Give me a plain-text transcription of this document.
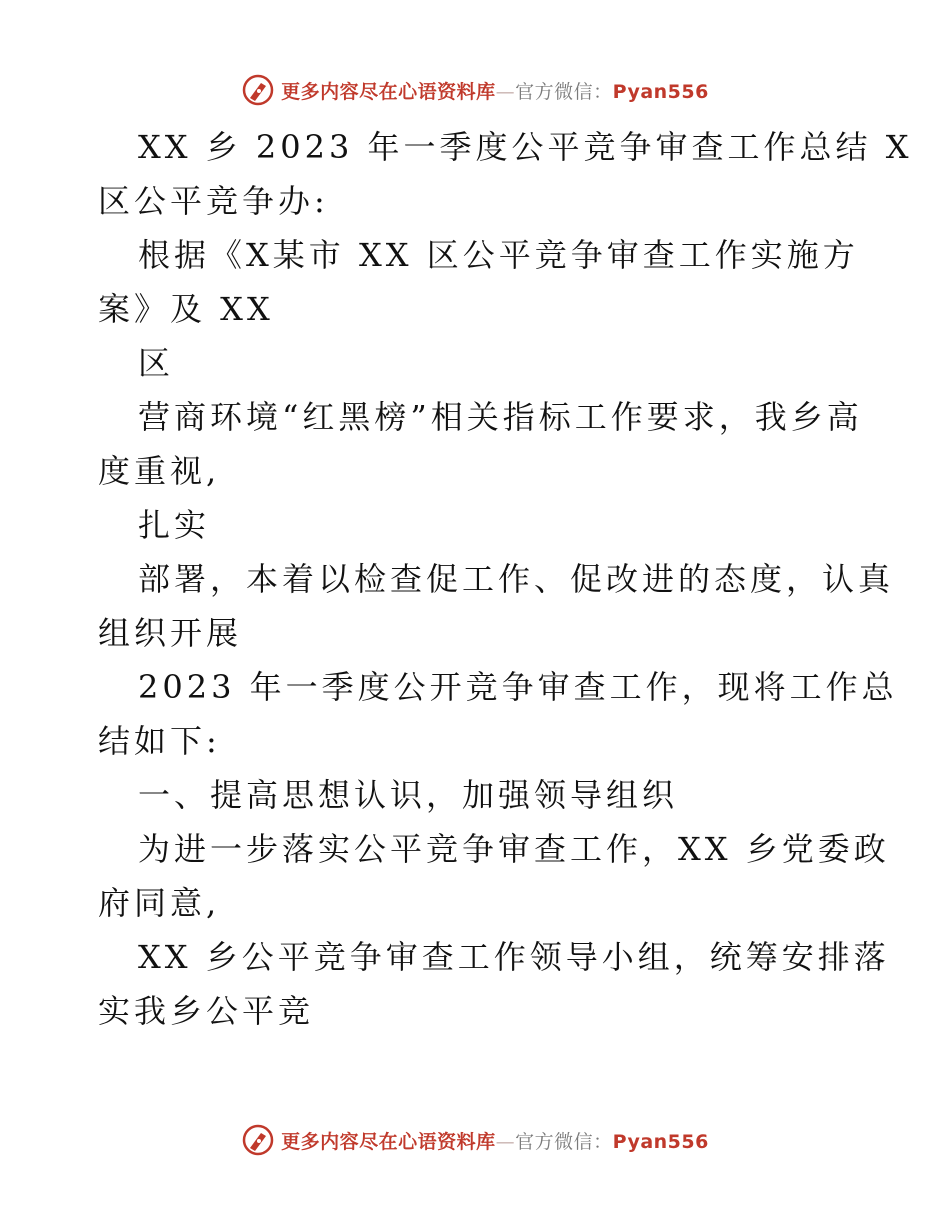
更多内容尽在心语资料库—官方微信：Pyan556
XX 乡 2023 年一季度公平竞争审查工作总结 X
区公平竞争办:
根据《X某市 XX 区公平竞争审查工作实施方
案》及 XX
区
营商环境“红黑榜”相关指标工作要求，我乡高
度重视,
扎实
部署，本着以检查促工作、促改进的态度，认真
组织开展
2023 年一季度公开竞争审查工作，现将工作总
结如下:
一、提高思想认识，加强领导组织
为进一步落实公平竞争审查工作，XX 乡党委政
府同意,
XX 乡公平竞争审查工作领导小组，统筹安排落
实我乡公平竞
更多内容尽在心语资料库—官方微信：Pyan556
